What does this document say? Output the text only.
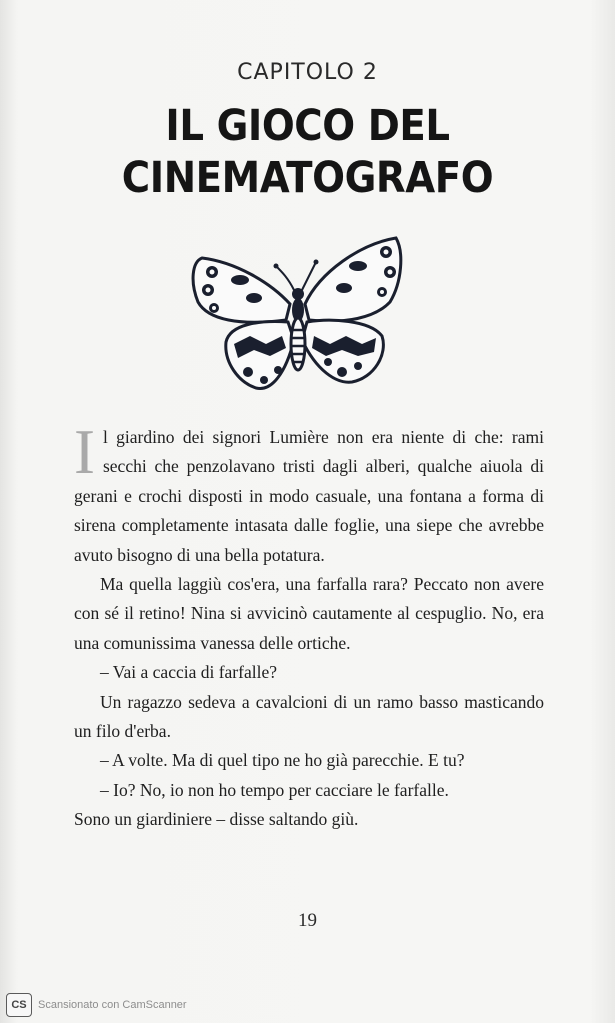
CAPITOLO 2
IL GIOCO DEL
CINEMATOGRAFO

Il giardino dei signori Lumière non era niente di che: rami secchi che penzolavano tristi dagli alberi, qualche aiuola di gerani e crochi disposti in modo casuale, una fontana a forma di sirena completamente intasata dalle foglie, una siepe che avrebbe avuto bisogno di una bella potatura.

Ma quella laggiù cos'era, una farfalla rara? Peccato non avere con sé il retino! Nina si avvicinò cautamente al cespuglio. No, era una comunissima vanessa delle ortiche.

– Vai a caccia di farfalle?

Un ragazzo sedeva a cavalcioni di un ramo basso masticando un filo d'erba.

– A volte. Ma di quel tipo ne ho già parecchie. E tu?

– Io? No, io non ho tempo per cacciare le farfalle.

Sono un giardiniere – disse saltando giù.

19
CS	Scansionato con CamScanner
